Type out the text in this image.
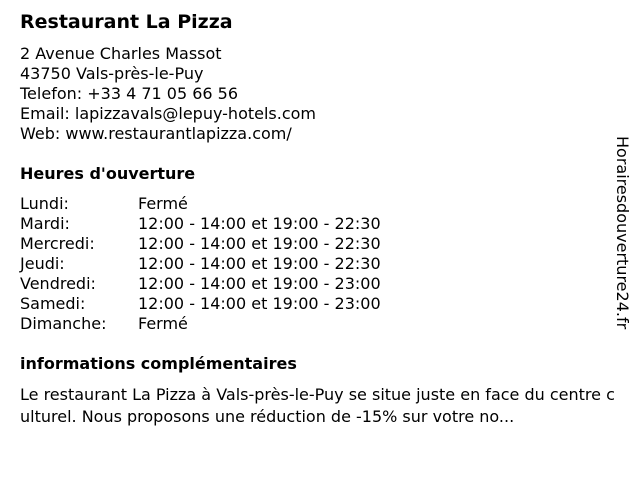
Restaurant La Pizza
2 Avenue Charles Massot
43750 Vals-près-le-Puy
Telefon: +33 4 71 05 66 56
Email: lapizzavals@lepuy-hotels.com
Web: www.restaurantlapizza.com/
Heures d'ouverture
Lundi:	Fermé
Mardi:	12:00 - 14:00 et 19:00 - 22:30
Mercredi:	12:00 - 14:00 et 19:00 - 22:30
Jeudi:	12:00 - 14:00 et 19:00 - 22:30
Vendredi:	12:00 - 14:00 et 19:00 - 23:00
Samedi:	12:00 - 14:00 et 19:00 - 23:00
Dimanche: Fermé
informations complémentaires
Le restaurant La Pizza à Vals-près-le-Puy se situe juste en face du centre culturel. Nous proposons une réduction de -15% sur votre no...
Horairesdouverture24.fr
